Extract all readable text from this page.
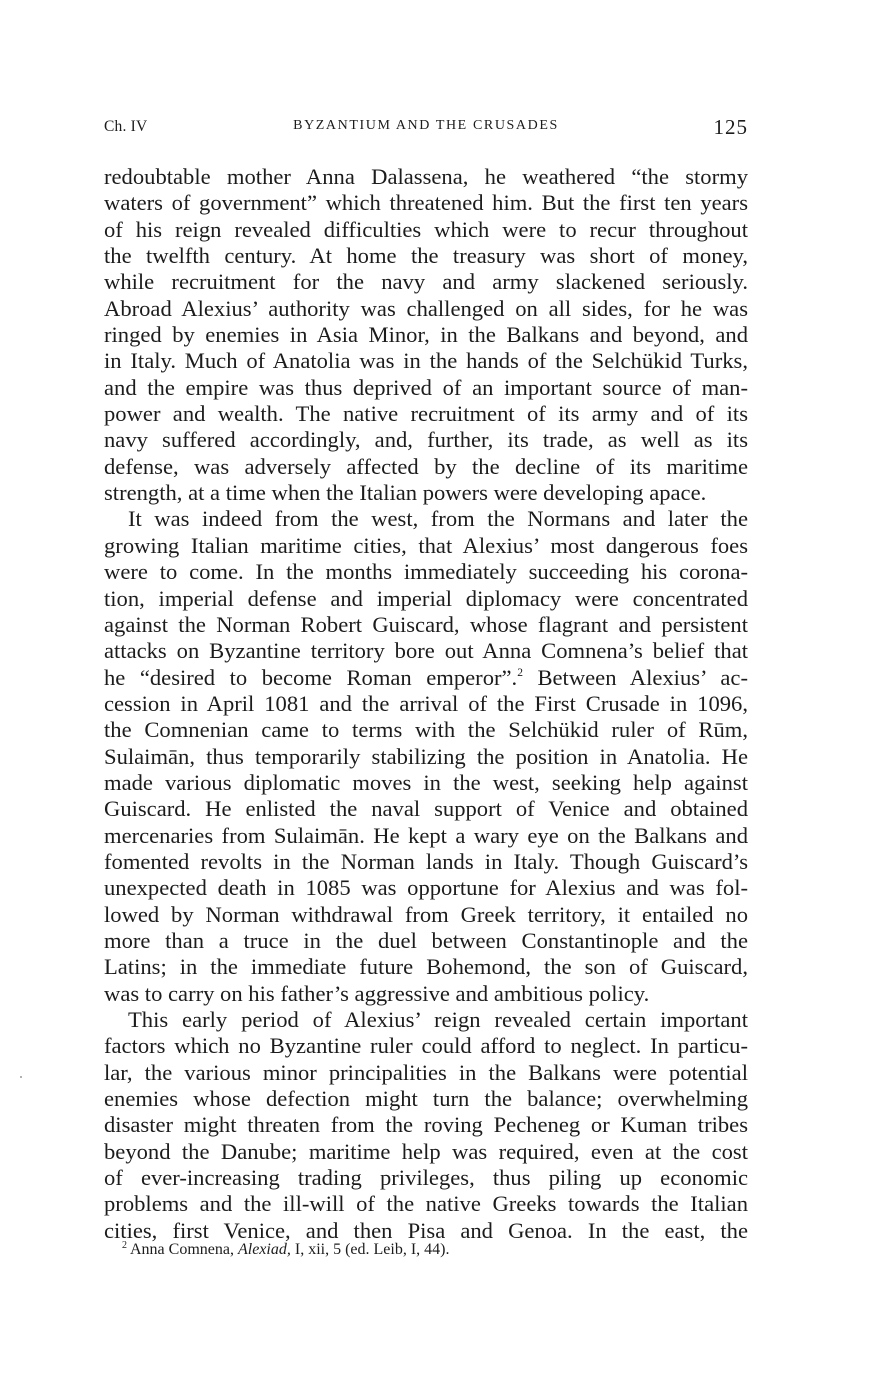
Ch. IV	BYZANTIUM AND THE CRUSADES	125
redoubtable mother Anna Dalassena, he weathered “the stormy
waters of government” which threatened him. But the first ten years
of his reign revealed difficulties which were to recur throughout
the twelfth century. At home the treasury was short of money,
while recruitment for the navy and army slackened seriously.
Abroad Alexius’ authority was challenged on all sides, for he was
ringed by enemies in Asia Minor, in the Balkans and beyond, and
in Italy. Much of Anatolia was in the hands of the Selchükid Turks,
and the empire was thus deprived of an important source of man-
power and wealth. The native recruitment of its army and of its
navy suffered accordingly, and, further, its trade, as well as its
defense, was adversely affected by the decline of its maritime
strength, at a time when the Italian powers were developing apace.
It was indeed from the west, from the Normans and later the
growing Italian maritime cities, that Alexius’ most dangerous foes
were to come. In the months immediately succeeding his corona-
tion, imperial defense and imperial diplomacy were concentrated
against the Norman Robert Guiscard, whose flagrant and persistent
attacks on Byzantine territory bore out Anna Comnena’s belief that
he “desired to become Roman emperor”.$^2$ Between Alexius’ ac-
cession in April 1081 and the arrival of the First Crusade in 1096,
the Comnenian came to terms with the Selchükid ruler of Rūm,
Sulaimān, thus temporarily stabilizing the position in Anatolia. He
made various diplomatic moves in the west, seeking help against
Guiscard. He enlisted the naval support of Venice and obtained
mercenaries from Sulaimān. He kept a wary eye on the Balkans and
fomented revolts in the Norman lands in Italy. Though Guiscard’s
unexpected death in 1085 was opportune for Alexius and was fol-
lowed by Norman withdrawal from Greek territory, it entailed no
more than a truce in the duel between Constantinople and the
Latins; in the immediate future Bohemond, the son of Guiscard,
was to carry on his father’s aggressive and ambitious policy.
This early period of Alexius’ reign revealed certain important
factors which no Byzantine ruler could afford to neglect. In particu-
lar, the various minor principalities in the Balkans were potential
enemies whose defection might turn the balance; overwhelming
disaster might threaten from the roving Pecheneg or Kuman tribes
beyond the Danube; maritime help was required, even at the cost
of ever-increasing trading privileges, thus piling up economic
problems and the ill-will of the native Greeks towards the Italian
cities, first Venice, and then Pisa and Genoa. In the east, the
$^2$ Anna Comnena, Alexiad, I, xii, 5 (ed. Leib, I, 44).
